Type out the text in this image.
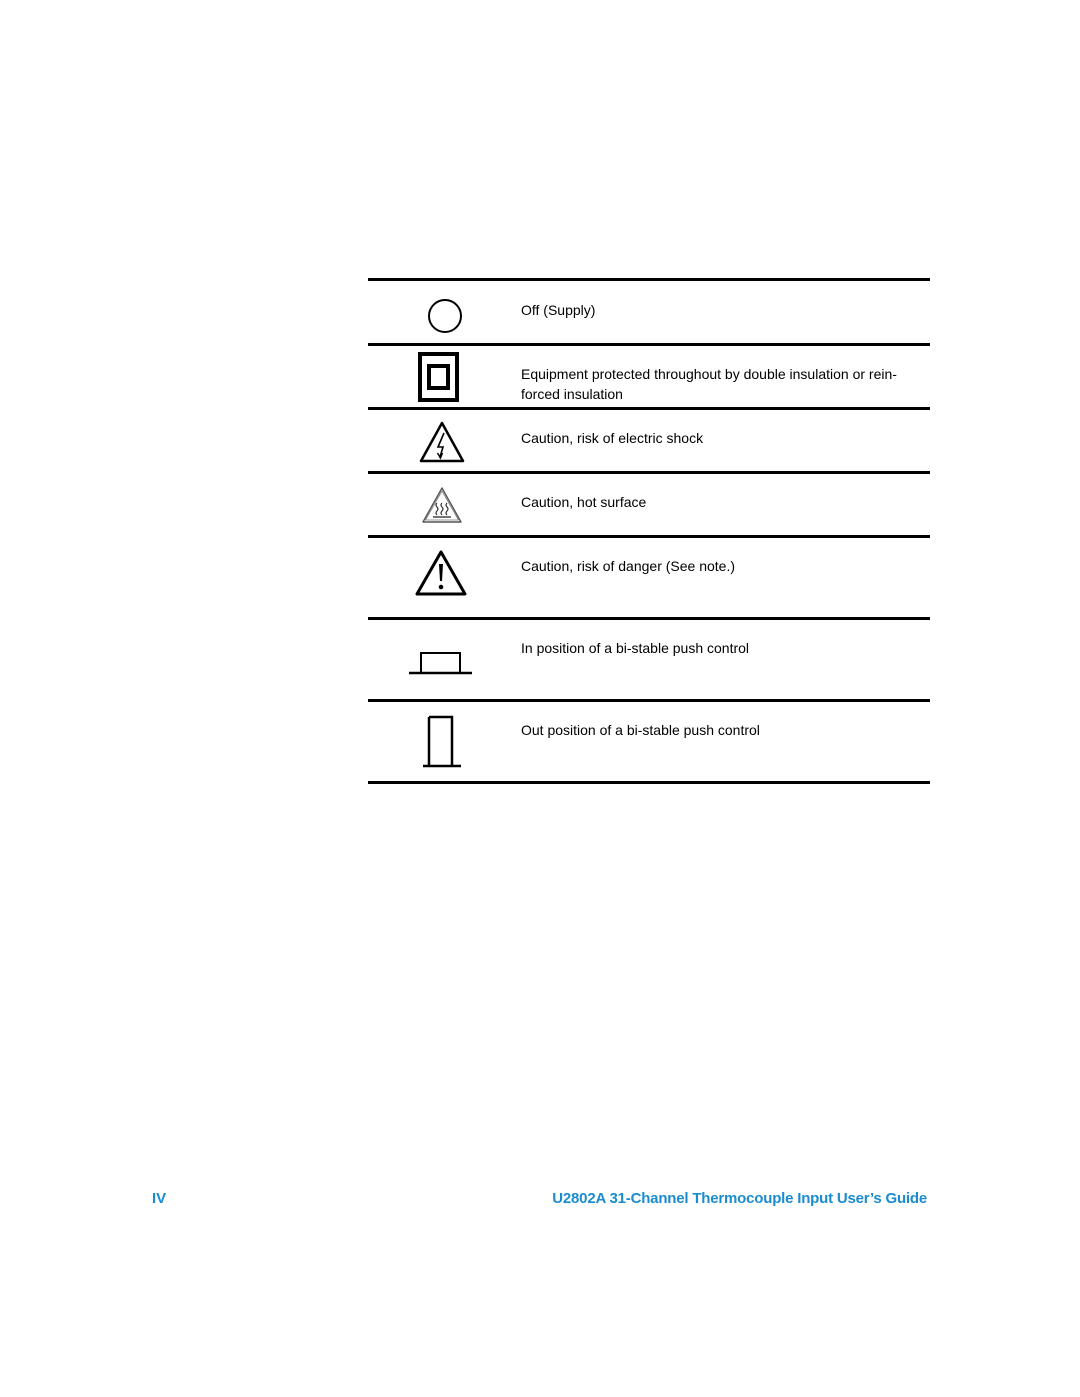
Off (Supply)
Equipment protected throughout by double insulation or rein- forced insulation
Caution, risk of electric shock
Caution, hot surface
Caution, risk of danger (See note.)
In position of a bi-stable push control
Out position of a bi-stable push control
IV	U2802A 31-Channel Thermocouple Input User’s Guide
